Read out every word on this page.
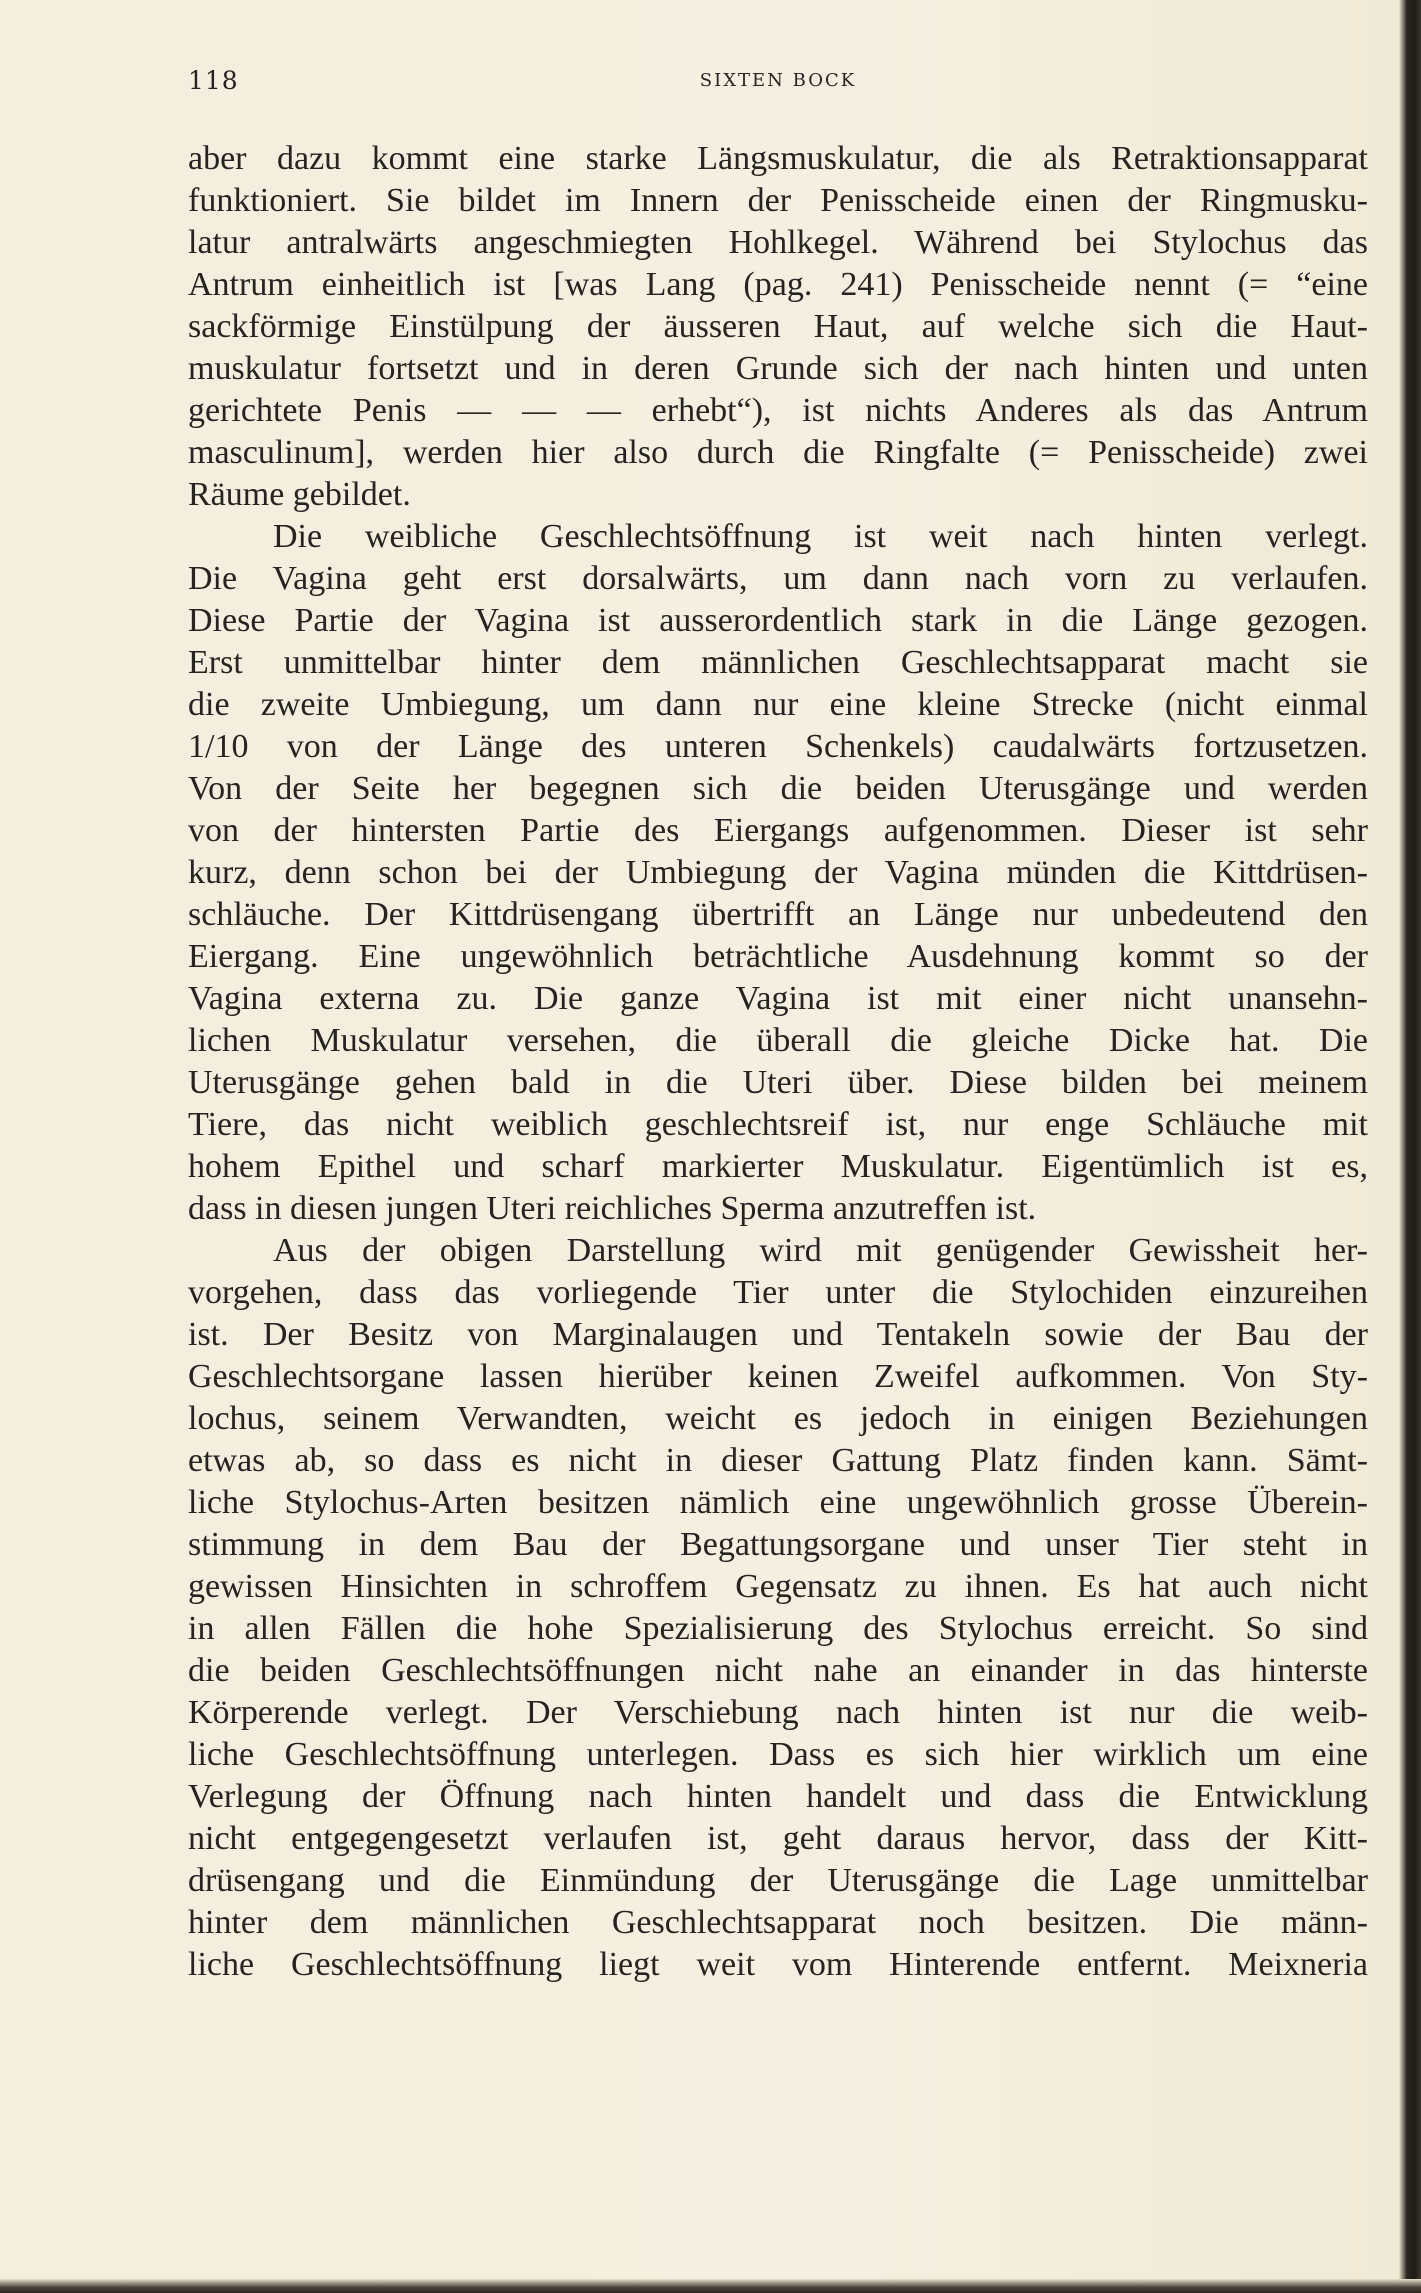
118	SIXTEN BOCK
aber dazu kommt eine starke Längsmuskulatur, die als Retraktionsapparat
funktioniert. Sie bildet im Innern der Penisscheide einen der Ringmusku-
latur antralwärts angeschmiegten Hohlkegel. Während bei Stylochus das
Antrum einheitlich ist [was Lang (pag. 241) Penisscheide nennt (= “eine
sackförmige Einstülpung der äusseren Haut, auf welche sich die Haut-
muskulatur fortsetzt und in deren Grunde sich der nach hinten und unten
gerichtete Penis — — — erhebt“), ist nichts Anderes als das Antrum
masculinum], werden hier also durch die Ringfalte (= Penisscheide) zwei
Räume gebildet.
Die weibliche Geschlechtsöffnung ist weit nach hinten verlegt.
Die Vagina geht erst dorsalwärts, um dann nach vorn zu verlaufen.
Diese Partie der Vagina ist ausserordentlich stark in die Länge gezogen.
Erst unmittelbar hinter dem männlichen Geschlechtsapparat macht sie
die zweite Umbiegung, um dann nur eine kleine Strecke (nicht einmal
1/10 von der Länge des unteren Schenkels) caudalwärts fortzusetzen.
Von der Seite her begegnen sich die beiden Uterusgänge und werden
von der hintersten Partie des Eiergangs aufgenommen. Dieser ist sehr
kurz, denn schon bei der Umbiegung der Vagina münden die Kittdrüsen-
schläuche. Der Kittdrüsengang übertrifft an Länge nur unbedeutend den
Eiergang. Eine ungewöhnlich beträchtliche Ausdehnung kommt so der
Vagina externa zu. Die ganze Vagina ist mit einer nicht unansehn-
lichen Muskulatur versehen, die überall die gleiche Dicke hat. Die
Uterusgänge gehen bald in die Uteri über. Diese bilden bei meinem
Tiere, das nicht weiblich geschlechtsreif ist, nur enge Schläuche mit
hohem Epithel und scharf markierter Muskulatur. Eigentümlich ist es,
dass in diesen jungen Uteri reichliches Sperma anzutreffen ist.
Aus der obigen Darstellung wird mit genügender Gewissheit her-
vorgehen, dass das vorliegende Tier unter die Stylochiden einzureihen
ist. Der Besitz von Marginalaugen und Tentakeln sowie der Bau der
Geschlechtsorgane lassen hierüber keinen Zweifel aufkommen. Von Sty-
lochus, seinem Verwandten, weicht es jedoch in einigen Beziehungen
etwas ab, so dass es nicht in dieser Gattung Platz finden kann. Sämt-
liche Stylochus-Arten besitzen nämlich eine ungewöhnlich grosse Überein-
stimmung in dem Bau der Begattungsorgane und unser Tier steht in
gewissen Hinsichten in schroffem Gegensatz zu ihnen. Es hat auch nicht
in allen Fällen die hohe Spezialisierung des Stylochus erreicht. So sind
die beiden Geschlechtsöffnungen nicht nahe an einander in das hinterste
Körperende verlegt. Der Verschiebung nach hinten ist nur die weib-
liche Geschlechtsöffnung unterlegen. Dass es sich hier wirklich um eine
Verlegung der Öffnung nach hinten handelt und dass die Entwicklung
nicht entgegengesetzt verlaufen ist, geht daraus hervor, dass der Kitt-
drüsengang und die Einmündung der Uterusgänge die Lage unmittelbar
hinter dem männlichen Geschlechtsapparat noch besitzen. Die männ-
liche Geschlechtsöffnung liegt weit vom Hinterende entfernt. Meixneria
